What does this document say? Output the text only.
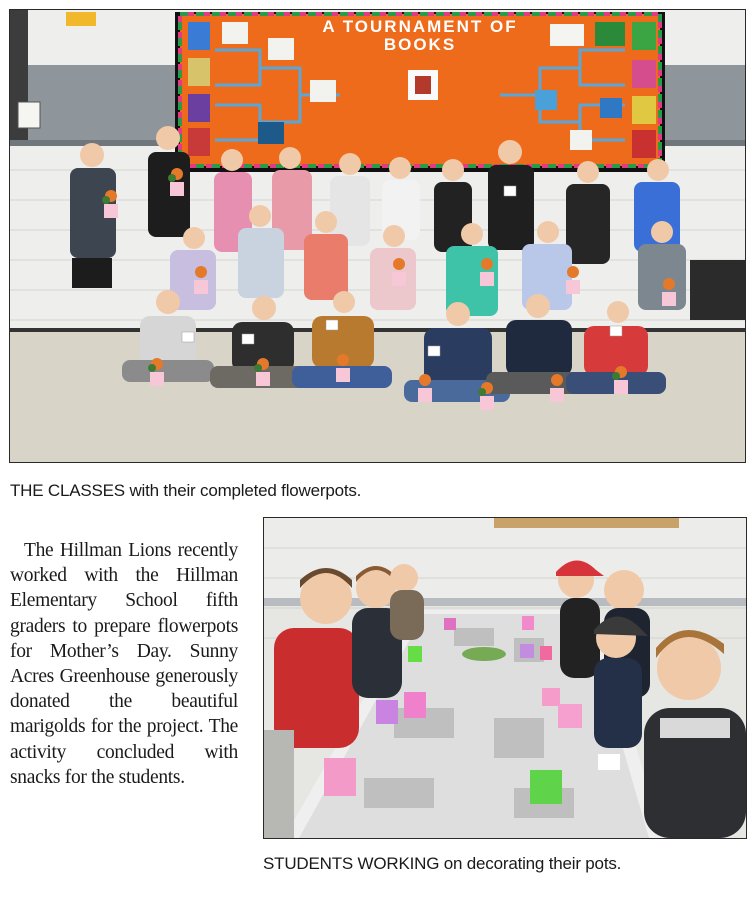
A TOURNAMENT OF
BOOKS
THE CLASSES with their completed flowerpots.

The Hillman Lions recently worked with the Hillman Elementary School fifth graders to prepare flowerpots for Mother’s Day. Sunny Acres Greenhouse generously donated the beautiful marigolds for the project. The activity concluded with snacks for the students.

STUDENTS WORKING on decorating their pots.
